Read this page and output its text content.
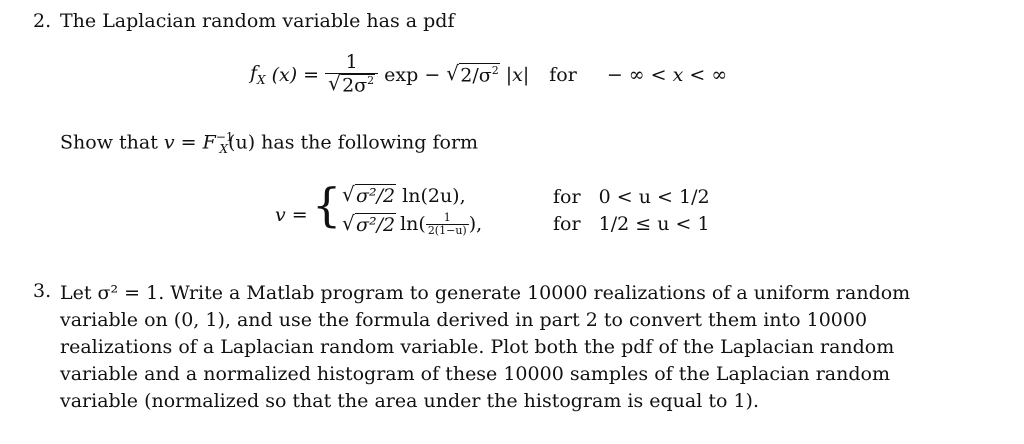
2. The Laplacian random variable has a pdf
$f_X$ (x) = 1
√ $2\sigma^2$ exp −	√ $2/\sigma^2$ |x| for − ∞ < x < ∞
Show that $v = F^{-1}_X(u)$ has the following form
v = { √ σ²/2 ln(2u),
√ σ²/2 ln( 1
2(1−u) ),
for   0 < u < 1/2
for   1/2 ≤ u < 1
3. Let σ² = 1. Write a Matlab program to generate 10000 realizations of a uniform random variable on (0, 1), and use the formula derived in part 2 to convert them into 10000 realizations of a Laplacian random variable. Plot both the pdf of the Laplacian random variable and a normalized histogram of these 10000 samples of the Laplacian random variable (normalized so that the area under the histogram is equal to 1).
